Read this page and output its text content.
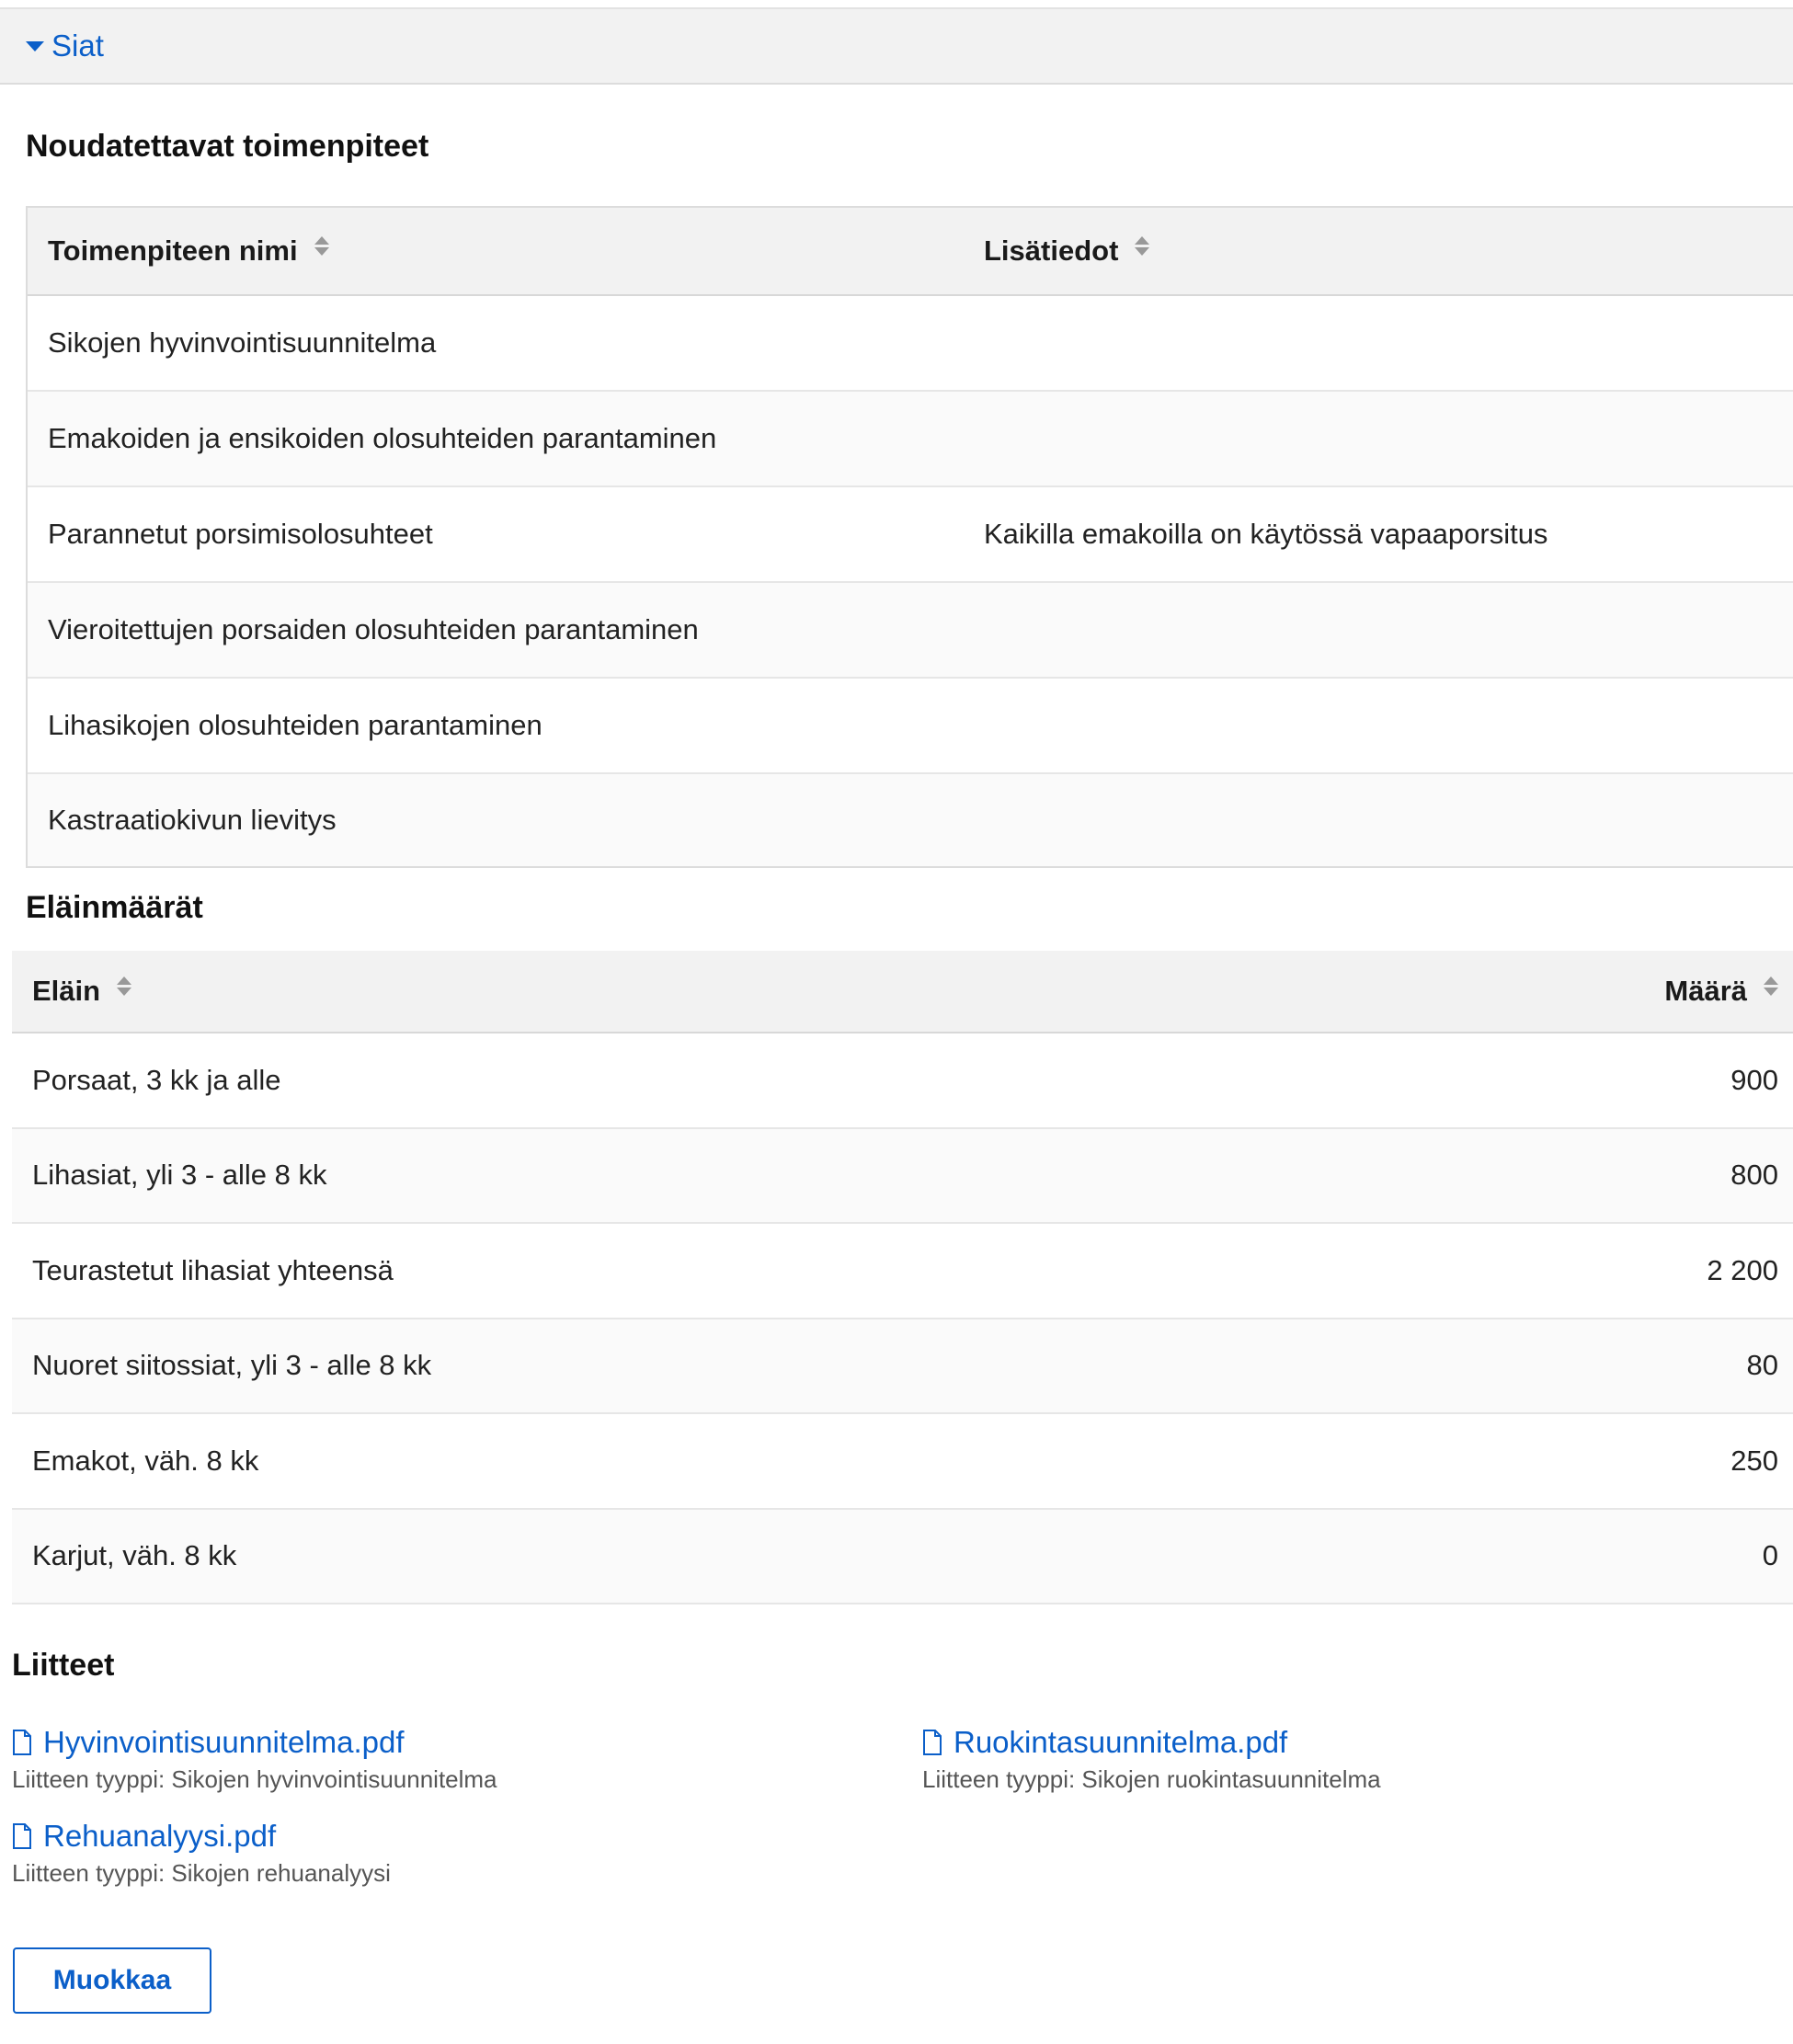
Siat
Noudatettavat toimenpiteet
Toimenpiteen nimi	Lisätiedot
Sikojen hyvinvointisuunnitelma
Emakoiden ja ensikoiden olosuhteiden parantaminen
Parannetut porsimisolosuhteet	Kaikilla emakoilla on käytössä vapaaporsitus
Vieroitettujen porsaiden olosuhteiden parantaminen
Lihasikojen olosuhteiden parantaminen
Kastraatiokivun lievitys
Eläinmäärät
Eläin	Määrä
Porsaat, 3 kk ja alle	900
Lihasiat, yli 3 - alle 8 kk	800
Teurastetut lihasiat yhteensä	2 200
Nuoret siitossiat, yli 3 - alle 8 kk	80
Emakot, väh. 8 kk	250
Karjut, väh. 8 kk	0
Liitteet
Hyvinvointisuunnitelma.pdf
Liitteen tyyppi: Sikojen hyvinvointisuunnitelma
Ruokintasuunnitelma.pdf
Liitteen tyyppi: Sikojen ruokintasuunnitelma
Rehuanalyysi.pdf
Liitteen tyyppi: Sikojen rehuanalyysi
Muokkaa
